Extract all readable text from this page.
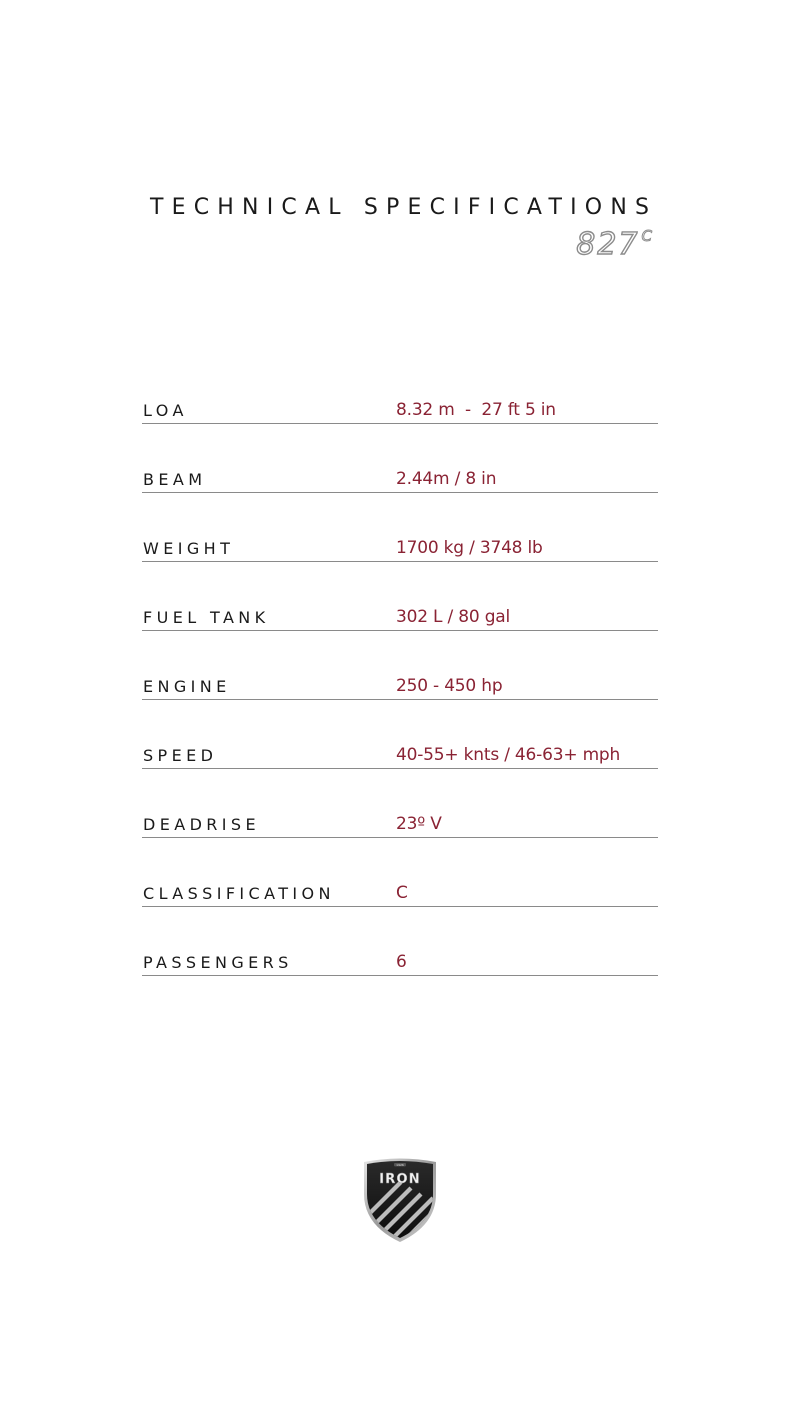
TECHNICAL SPECIFICATIONS
827 $^C$
LOA	8.32 m  -  27 ft 5 in
BEAM	2.44m / 8 in
WEIGHT	1700 kg / 3748 lb
FUEL TANK	302 L / 80 gal
ENGINE	250 - 450 hp
SPEED	40-55+ knts / 46-63+ mph
DEADRISE	23º V
CLASSIFICATION	C
PASSENGERS	6
1926
IRON
